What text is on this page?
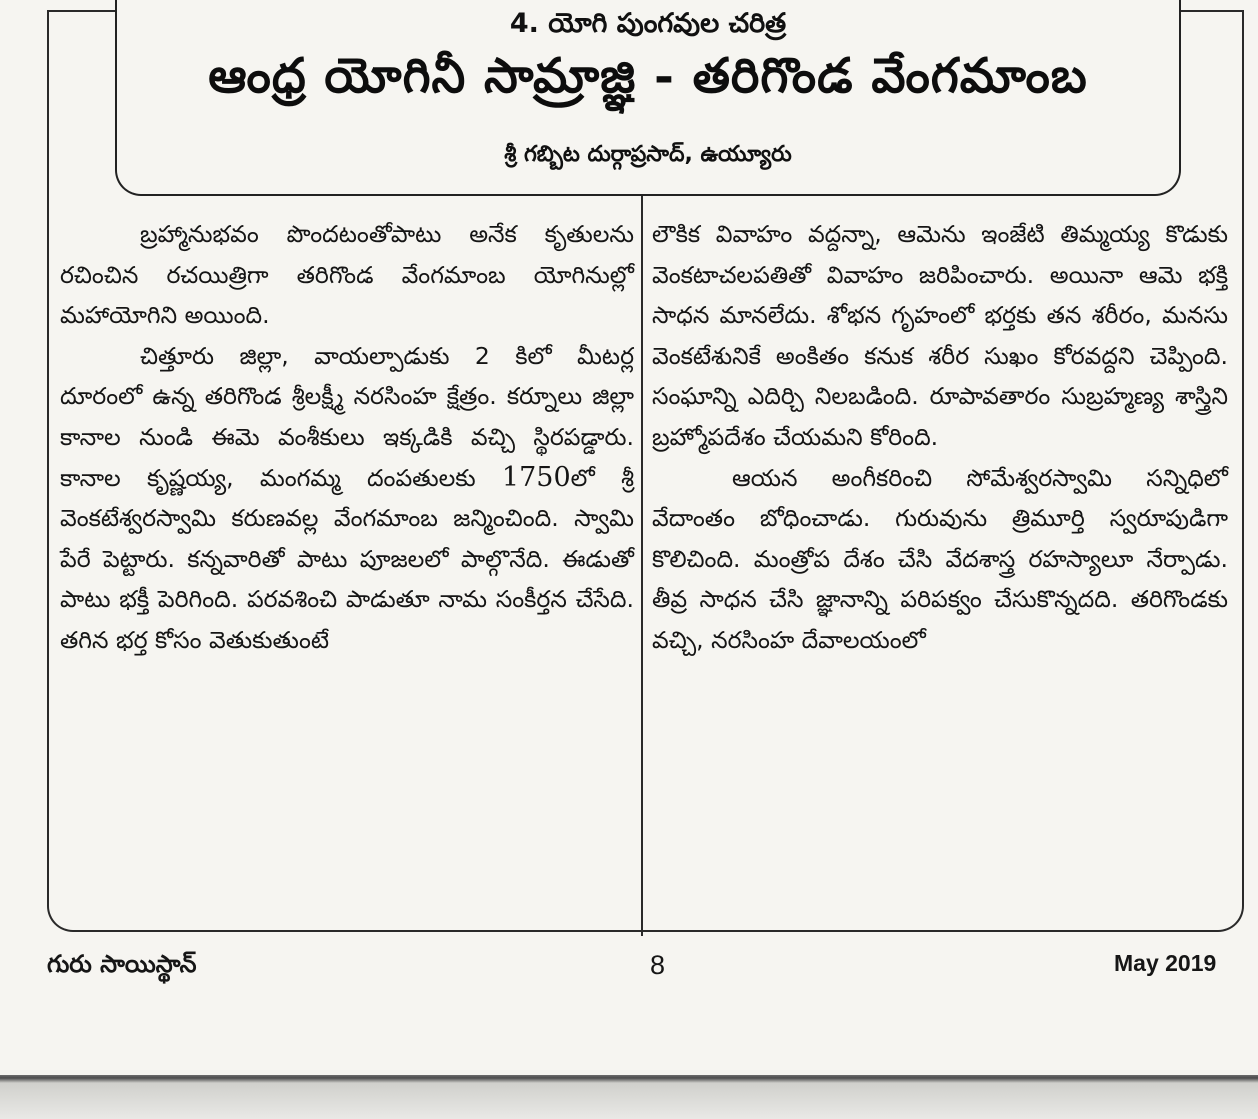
4. యోగి పుంగవుల చరిత్ర
ఆంధ్ర యోగినీ సామ్రాజ్ఞి - తరిగొండ వేంగమాంబ
శ్రీ గబ్బిట దుర్గాప్రసాద్, ఉయ్యూరు

బ్రహ్మానుభవం పొందటంతోపాటు అనేక కృతులను రచించిన రచయిత్రిగా తరిగొండ వేంగమాంబ యోగినుల్లో మహాయోగిని అయింది.

చిత్తూరు జిల్లా, వాయల్పాడుకు 2 కిలో మీటర్ల దూరంలో ఉన్న తరిగొండ శ్రీలక్ష్మీ నరసింహ క్షేత్రం. కర్నూలు జిల్లా కానాల నుండి ఈమె వంశీకులు ఇక్కడికి వచ్చి స్థిరపడ్డారు. కానాల కృష్ణయ్య, మంగమ్మ దంపతులకు 1750లో శ్రీ వెంకటేశ్వరస్వామి కరుణవల్ల వేంగమాంబ జన్మించింది. స్వామి పేరే పెట్టారు. కన్నవారితో పాటు పూజలలో పాల్గొనేది. ఈడుతో పాటు భక్తీ పెరిగింది. పరవశించి పాడుతూ నామ సంకీర్తన చేసేది. తగిన భర్త కోసం వెతుకుతుంటే

లౌకిక వివాహం వద్దన్నా, ఆమెను ఇంజేటి తిమ్మయ్య కొడుకు వెంకటాచలపతితో వివాహం జరిపించారు. అయినా ఆమె భక్తి సాధన మానలేదు. శోభన గృహంలో భర్తకు తన శరీరం, మనసు వెంకటేశునికే అంకితం కనుక శరీర సుఖం కోరవద్దని చెప్పింది. సంఘాన్ని ఎదిర్చి నిలబడింది. రూపావతారం సుబ్రహ్మణ్య శాస్త్రిని బ్రహ్మోపదేశం చేయమని కోరింది.

ఆయన అంగీకరించి సోమేశ్వరస్వామి సన్నిధిలో వేదాంతం బోధించాడు. గురువును త్రిమూర్తి స్వరూపుడిగా కొలిచింది. మంత్రోప దేశం చేసి వేదశాస్త్ర రహస్యాలూ నేర్పాడు. తీవ్ర సాధన చేసి జ్ఞానాన్ని పరిపక్వం చేసుకొన్నదది. తరిగొండకు వచ్చి, నరసింహ దేవాలయంలో

గురు సాయిస్థాన్	8	May 2019
